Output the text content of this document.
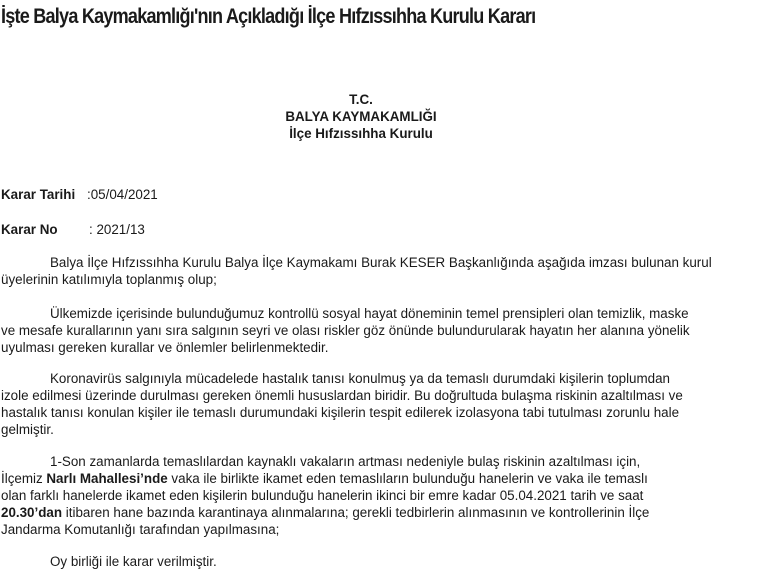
İşte Balya Kaymakamlığı'nın Açıkladığı İlçe Hıfzıssıhha Kurulu Kararı
T.C.
BALYA KAYMAKAMLIĞI
İlçe Hıfzıssıhha Kurulu
Karar Tarihi :05/04/2021
Karar No : 2021/13
Balya İlçe Hıfzıssıhha Kurulu Balya İlçe Kaymakamı Burak KESER Başkanlığında aşağıda imzası bulunan kurul
üyelerinin katılımıyla toplanmış olup;
Ülkemizde içerisinde bulunduğumuz kontrollü sosyal hayat döneminin temel prensipleri olan temizlik, maske
ve mesafe kurallarının yanı sıra salgının seyri ve olası riskler göz önünde bulundurularak hayatın her alanına yönelik
uyulması gereken kurallar ve önlemler belirlenmektedir.
Koronavirüs salgınıyla mücadelede hastalık tanısı konulmuş ya da temaslı durumdaki kişilerin toplumdan
izole edilmesi üzerinde durulması gereken önemli hususlardan biridir. Bu doğrultuda bulaşma riskinin azaltılması ve
hastalık tanısı konulan kişiler ile temaslı durumundaki kişilerin tespit edilerek izolasyona tabi tutulması zorunlu hale
gelmiştir.
1-Son zamanlarda temaslılardan kaynaklı vakaların artması nedeniyle bulaş riskinin azaltılması için,
İlçemiz Narlı Mahallesi’nde vaka ile birlikte ikamet eden temaslıların bulunduğu hanelerin ve vaka ile temaslı
olan farklı hanelerde ikamet eden kişilerin bulunduğu hanelerin ikinci bir emre kadar 05.04.2021 tarih ve saat
20.30’dan itibaren hane bazında karantinaya alınmalarına; gerekli tedbirlerin alınmasının ve kontrollerinin İlçe
Jandarma Komutanlığı tarafından yapılmasına;
Oy birliği ile karar verilmiştir.
